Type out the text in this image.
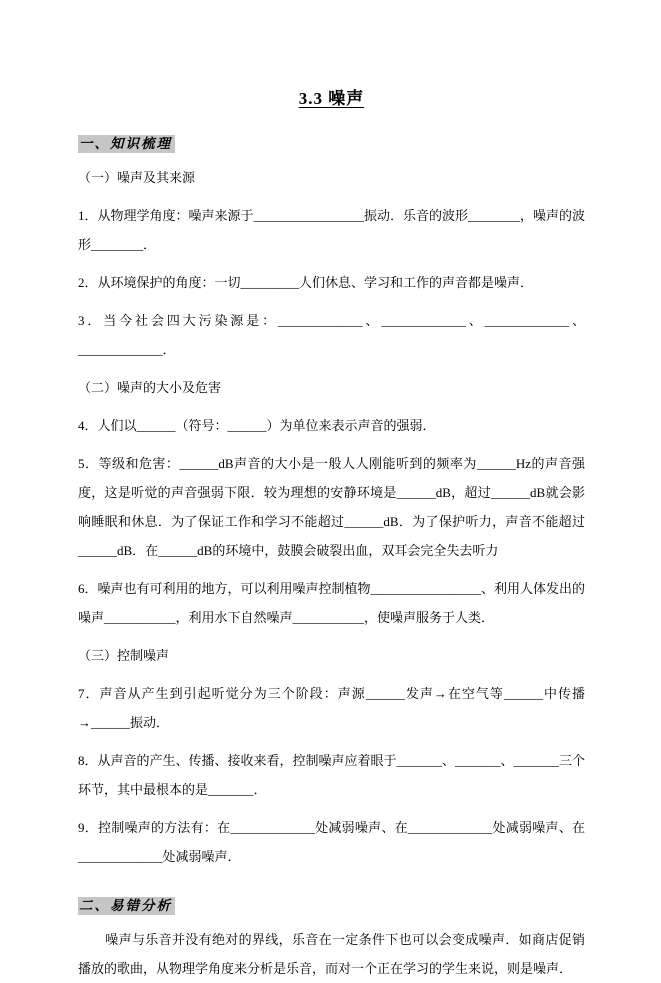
3.3 噪声

一、知识梳理

（一）噪声及其来源

1．从物理学角度：噪声来源于_________________振动．乐音的波形________，噪声的波形________．

2．从环境保护的角度：一切_________人们休息、学习和工作的声音都是噪声．

3．当今社会四大污染源是：_____________、_____________、_____________、_____________．

（二）噪声的大小及危害

4．人们以______（符号：______）为单位来表示声音的强弱．

5．等级和危害：______dB声音的大小是一般人人刚能听到的频率为______Hz的声音强度，这是听觉的声音强弱下限．较为理想的安静环境是______dB，超过______dB就会影响睡眠和休息．为了保证工作和学习不能超过______dB．为了保护听力，声音不能超过______dB．在______dB的环境中，鼓膜会破裂出血，双耳会完全失去听力

6．噪声也有可利用的地方，可以利用噪声控制植物_________________、利用人体发出的噪声___________，利用水下自然噪声___________，使噪声服务于人类．

（三）控制噪声

7．声音从产生到引起听觉分为三个阶段：声源______发声→在空气等______中传播→______振动．

8．从声音的产生、传播、接收来看，控制噪声应着眼于_______、_______、_______三个环节，其中最根本的是_______．

9．控制噪声的方法有：在_____________处减弱噪声、在_____________处减弱噪声、在_____________处减弱噪声．

二、易错分析

噪声与乐音并没有绝对的界线，乐音在一定条件下也可以会变成噪声．如商店促销播放的歌曲，从物理学角度来分析是乐音，而对一个正在学习的学生来说，则是噪声．
